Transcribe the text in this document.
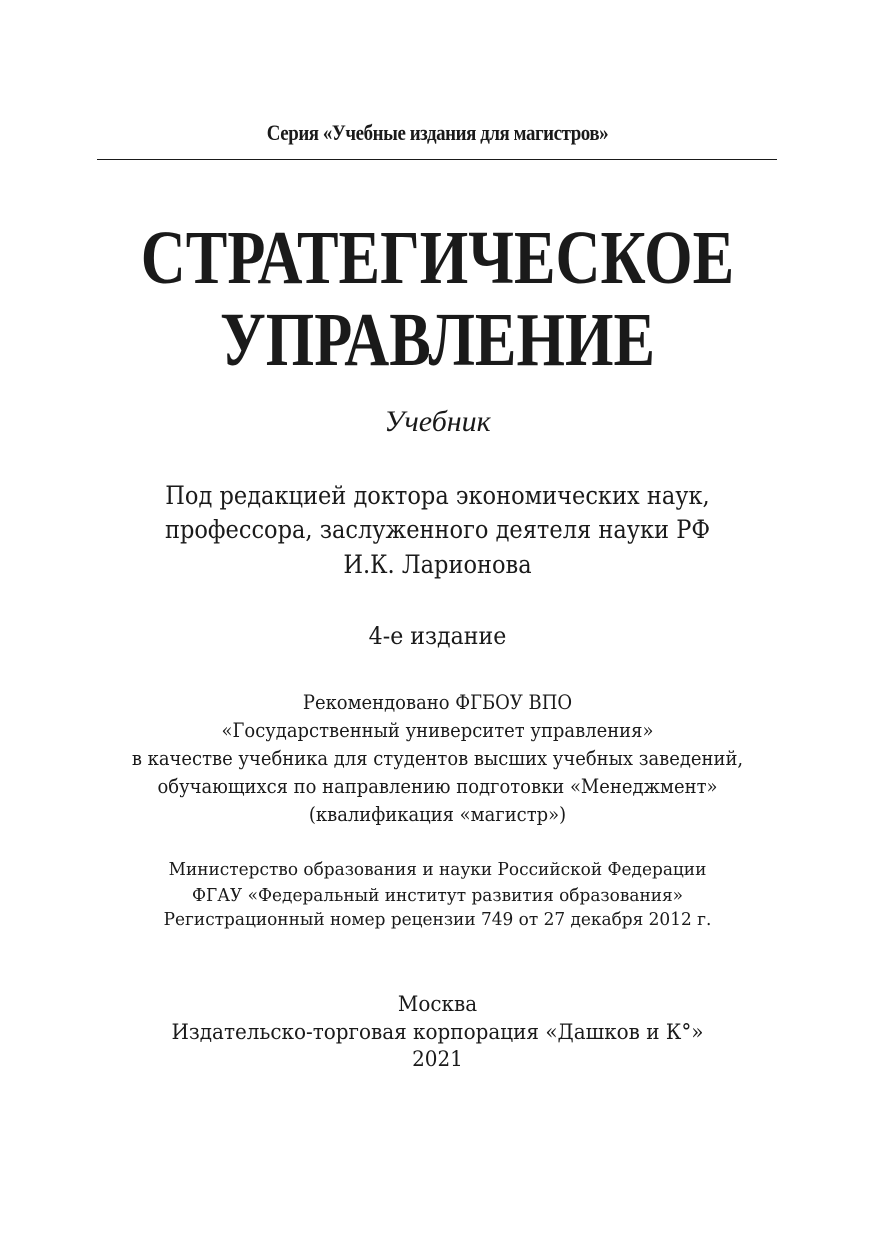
Серия «Учебные издания для магистров»
СТРАТЕГИЧЕСКОЕ
УПРАВЛЕНИЕ
Учебник
Под редакцией доктора экономических наук,
профессора, заслуженного деятеля науки РФ
И.К. Ларионова
4-е издание
Рекомендовано ФГБОУ ВПО
«Государственный университет управления»
в качестве учебника для студентов высших учебных заведений,
обучающихся по направлению подготовки «Менеджмент»
(квалификация «магистр»)
Министерство образования и науки Российской Федерации
ФГАУ «Федеральный институт развития образования»
Регистрационный номер рецензии 749 от 27 декабря 2012 г.
Москва
Издательско-торговая корпорация «Дашков и К°»
2021
